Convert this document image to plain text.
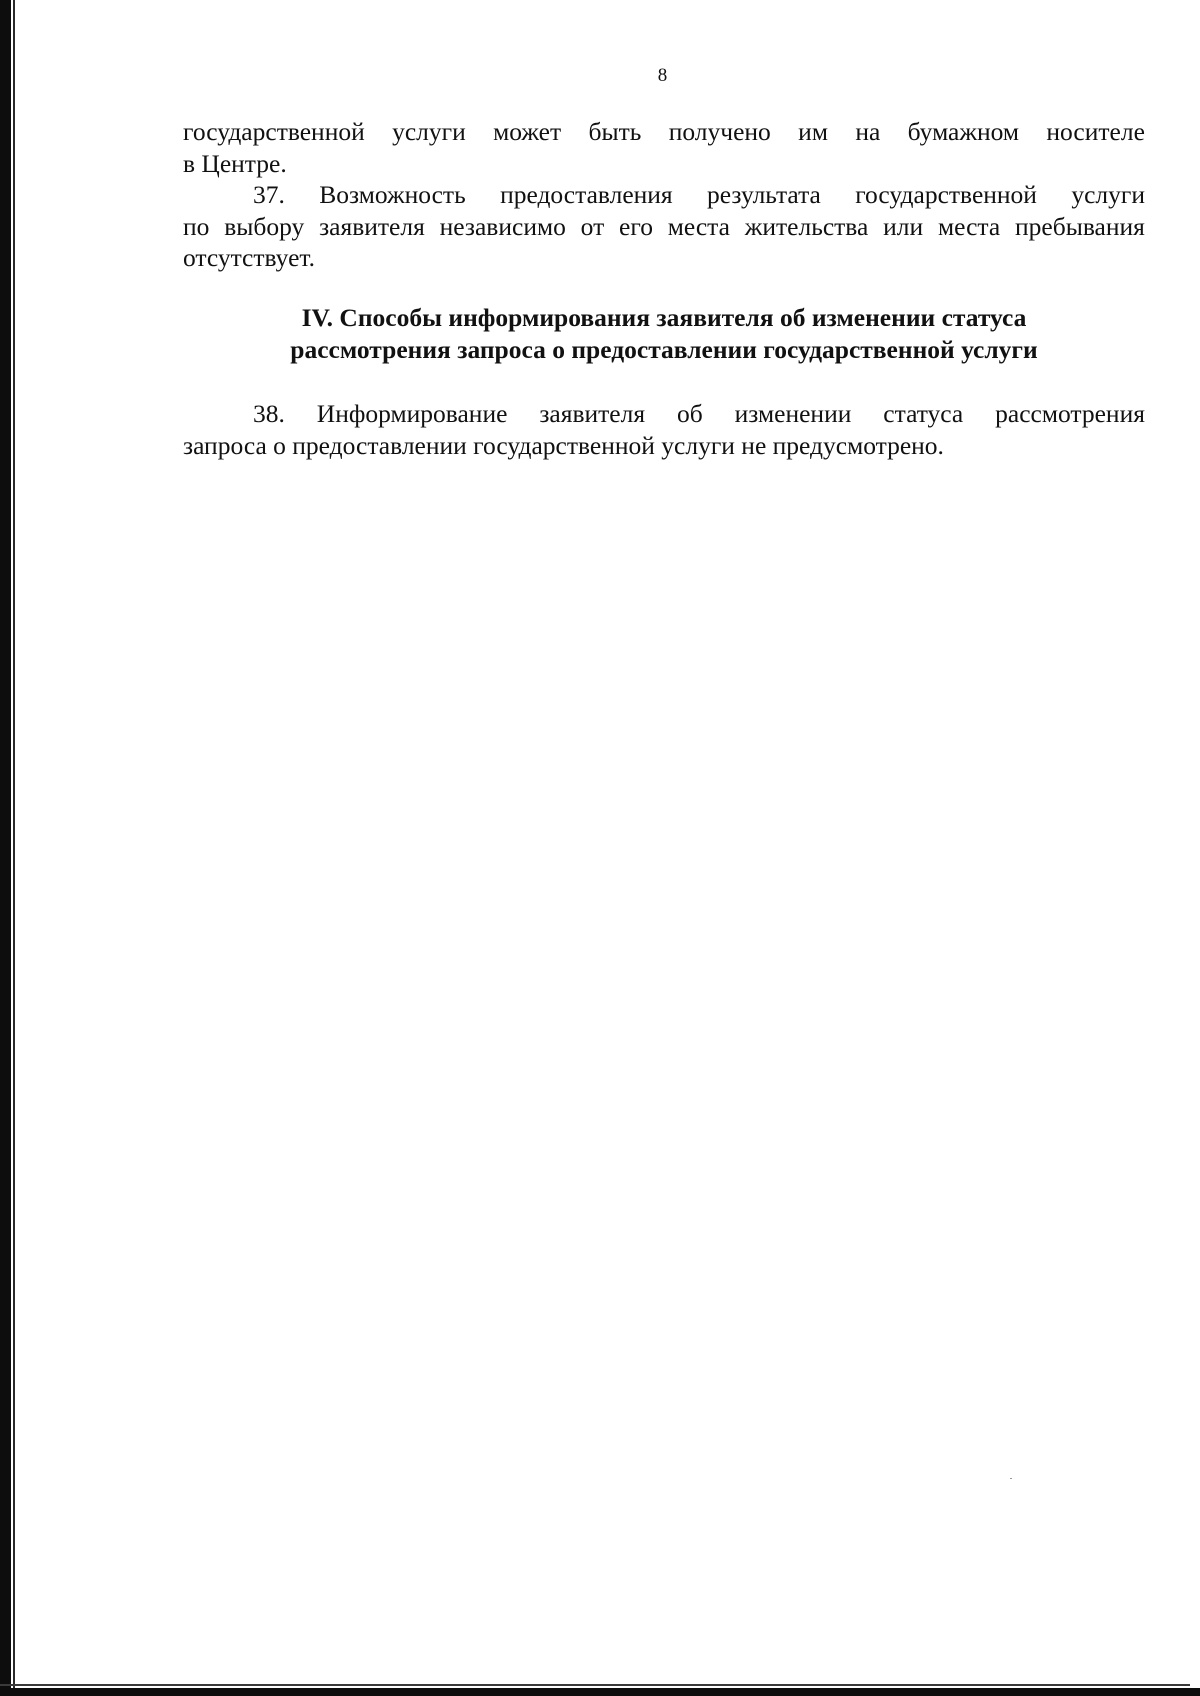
8
государственной услуги может быть получено им на бумажном носителе
в Центре.
37. Возможность предоставления результата государственной услуги
по выбору заявителя независимо от его места жительства или места пребывания
отсутствует.
IV. Способы информирования заявителя об изменении статуса
рассмотрения запроса о предоставлении государственной услуги
38. Информирование заявителя об изменении статуса рассмотрения
запроса о предоставлении государственной услуги не предусмотрено.
